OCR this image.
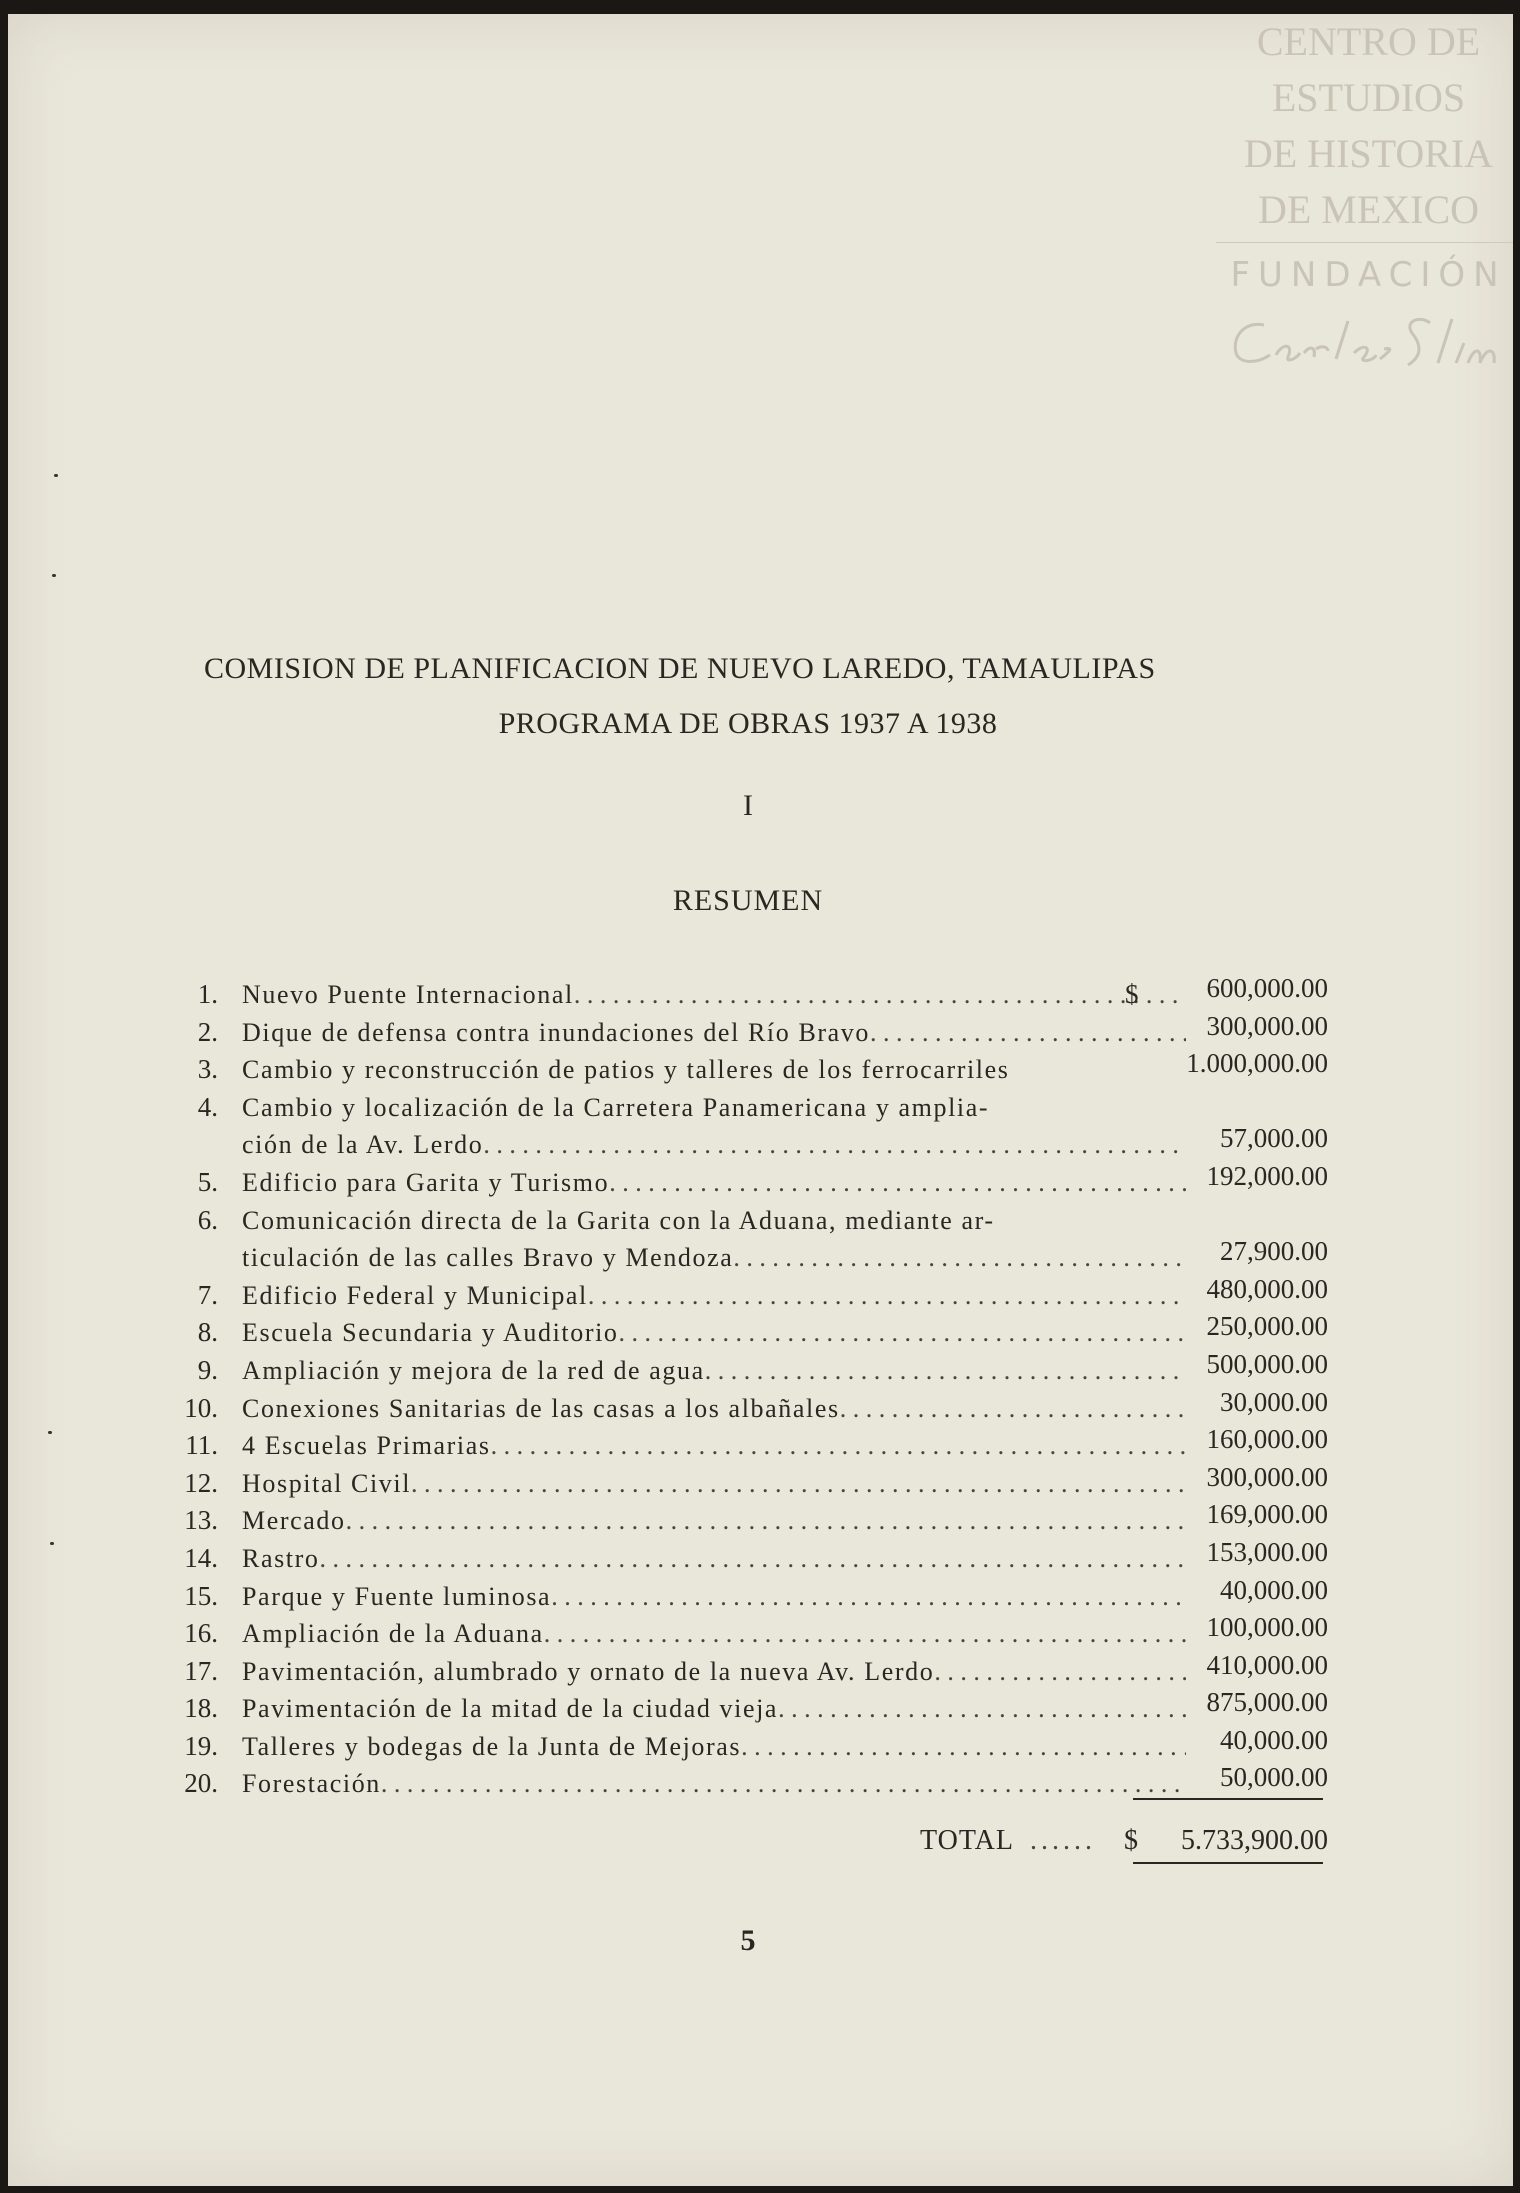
CENTRO DE
ESTUDIOS
DE HISTORIA
DE MEXICO
FUNDACIÓN
COMISION DE PLANIFICACION DE NUEVO LAREDO, TAMAULIPAS
PROGRAMA DE OBRAS 1937 A 1938
I
RESUMEN
1. Nuevo Puente Internacional . . .	$	600,000.00
2. Dique de defensa contra inundaciones del Río Bravo . . .	300,000.00
3. Cambio y reconstrucción de patios y talleres de los ferrocarriles	1.000,000.00
4. Cambio y localización de la Carretera Panamericana y amplia-
ción de la Av. Lerdo . . .	57,000.00
5. Edificio para Garita y Turismo . . .	192,000.00
6. Comunicación directa de la Garita con la Aduana, mediante ar-
ticulación de las calles Bravo y Mendoza . . .	27,900.00
7. Edificio Federal y Municipal . . .	480,000.00
8. Escuela Secundaria y Auditorio . . .	250,000.00
9. Ampliación y mejora de la red de agua . . .	500,000.00
10. Conexiones Sanitarias de las casas a los albañales . . .	30,000.00
11. 4 Escuelas Primarias . . .	160,000.00
12. Hospital Civil . . .	300,000.00
13. Mercado . . .	169,000.00
14. Rastro . . .	153,000.00
15. Parque y Fuente luminosa . . .	40,000.00
16. Ampliación de la Aduana . . .	100,000.00
17. Pavimentación, alumbrado y ornato de la nueva Av. Lerdo . . .	410,000.00
18. Pavimentación de la mitad de la ciudad vieja . . .	875,000.00
19. Talleres y bodegas de la Junta de Mejoras . . .	40,000.00
20. Forestación . . .	50,000.00
TOTAL ...... $ 5.733,900.00
5
